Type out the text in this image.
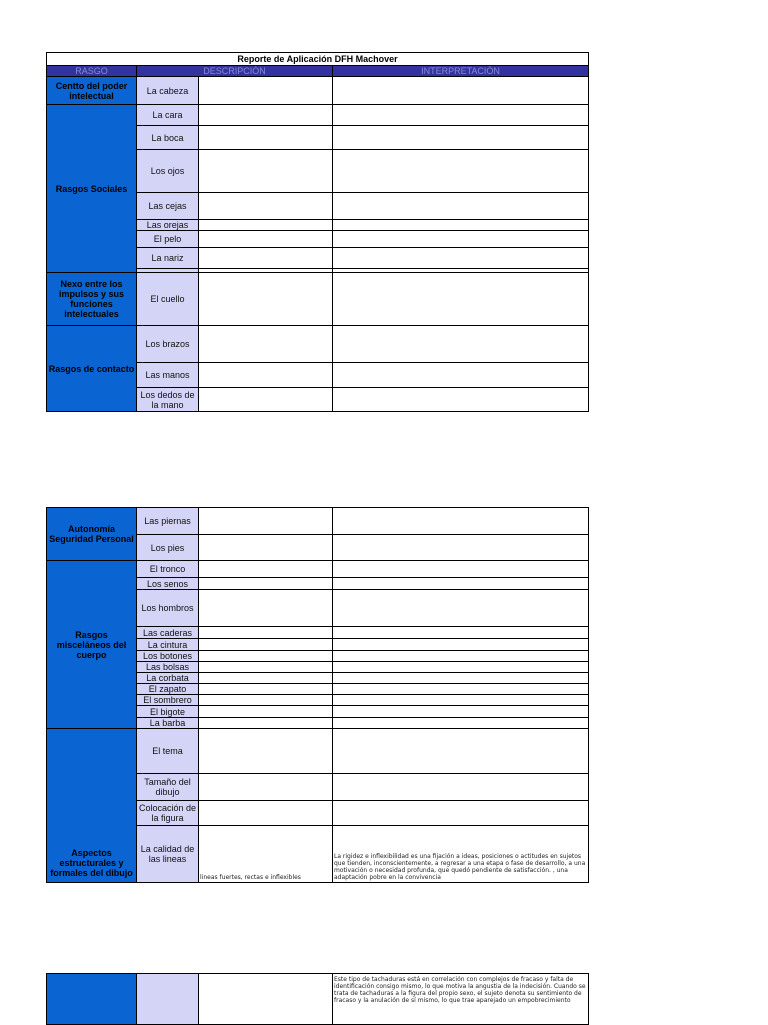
Reporte de Aplicación DFH Machover			
RASGO	DESCRIPCIÓN		INTERPRETACIÓN
Centto del poder intelectual	La cabeza		
Rasgos Sociales	La cara		
	La boca		
	Los ojos		
	Las cejas		
	Las orejas		
	El pelo		
	La nariz		

Nexo entre los impulsos y sus funciones intelectuales	El cuello		
Rasgos de contacto	Los brazos		
	Las manos		
	Los dedos de la mano		
Autonomía Seguridad Personal	Las piernas		
	Los pies		
Rasgos misceláneos del cuerpo	El tronco		
	Los senos		
	Los hombros		
	Las caderas		
	La cintura		
	Los botones		
	Las bolsas		
	La corbata		
	El zapato		
	El sombrero		
	El bigote		
	La barba		
Aspectos estructurales y formales del dibujo	El tema		
	Tamaño del dibujo		
	Colocación de la figura		
	La calidad de las lineas	lineas fuertes, rectas e inflexibles	La rigidez e inflexibilidad es una fijación a ideas, posiciones o actitudes en sujetos que tienden, inconscientemente, a regresar a una etapa o fase de desarrollo, a una motivación o necesidad profunda, que quedó pendiente de satisfacción. , una adaptación pobre en la convivencia
			Este tipo de tachaduras está en correlación con complejos de fracaso y falta de identificación consigo mismo, lo que motiva la angustia de la indecisión. Cuando se trata de tachaduras a la figura del propio sexo, el sujeto denota su sentimiento de fracaso y la anulación de sí mismo, lo que trae aparejado un empobrecimiento
